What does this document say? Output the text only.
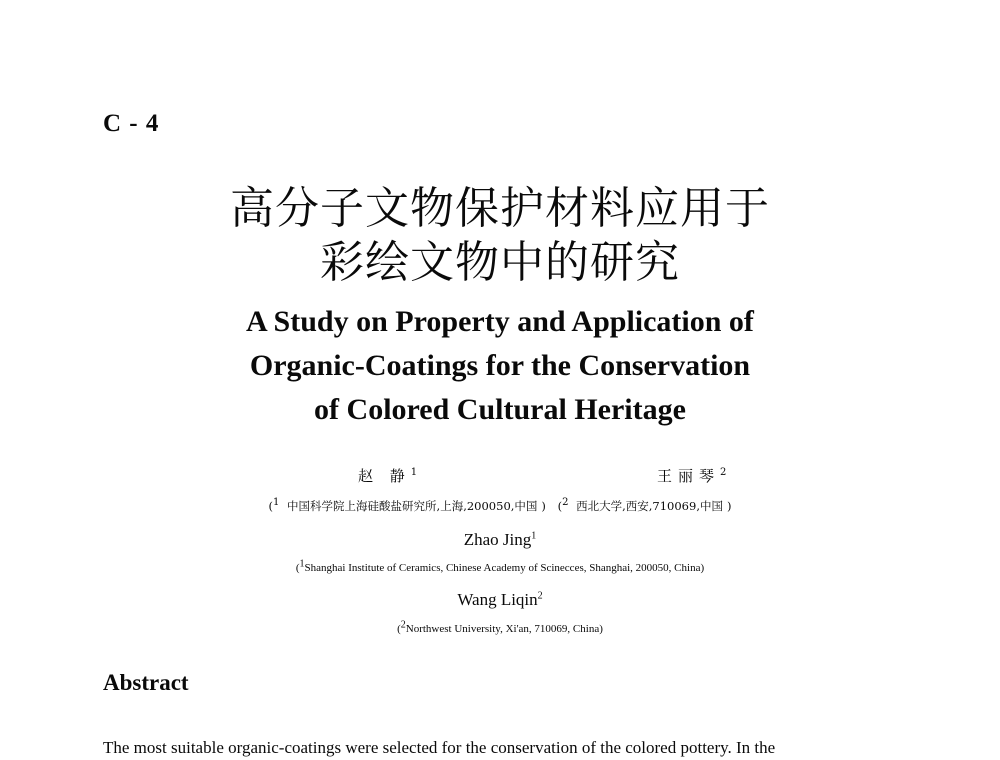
C - 4
高分子文物保护材料应用于
彩绘文物中的研究
A Study on Property and Application of
Organic-Coatings for the Conservation
of Colored Cultural Heritage
赵 静$^1$	王丽琴$^2$
($^1$ 中国科学院上海硅酸盐研究所,上海,200050,中国 ) ($^2$ 西北大学,西安,710069,中国 )
Zhao Jing$^1$
($^1$Shanghai Institute of Ceramics, Chinese Academy of Scinecces, Shanghai, 200050, China)
Wang Liqin$^2$
($^2$Northwest University, Xi'an, 710069, China)
Abstract
The most suitable organic-coatings were selected for the conservation of the colored pottery. In the
